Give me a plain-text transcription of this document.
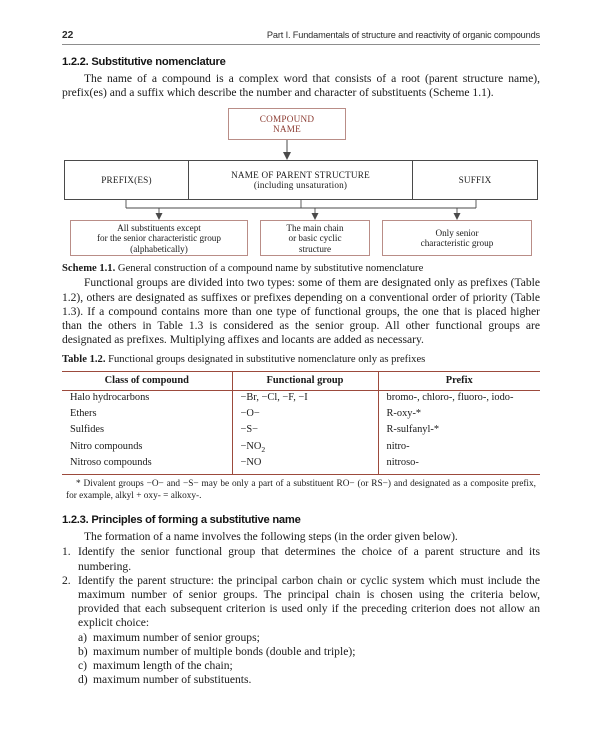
22	Part I. Fundamentals of structure and reactivity of organic compounds
1.2.2. Substitutive nomenclature

The name of a compound is a complex word that consists of a root (parent structure name), prefix(es) and a suffix which describe the number and character of substituents (Scheme 1.1).

COMPOUND
NAME
PREFIX(ES)
NAME OF PARENT STRUCTURE
(including unsaturation)
SUFFIX
All substituents except
for the senior characteristic group
(alphabetically)
The main chain
or basic cyclic
structure
Only senior
characteristic group

Scheme 1.1. General construction of a compound name by substitutive nomenclature

Functional groups are divided into two types: some of them are designated only as prefixes (Table 1.2), others are designated as suffixes or prefixes depending on a conventional order of priority (Table 1.3). If a compound contains more than one type of functional groups, the one that is placed higher than the others in Table 1.3 is considered as the senior group. All other functional groups are designated as prefixes. Multiplying affixes and locants are added as necessary.

Table 1.2. Functional groups designated in substitutive nomenclature only as prefixes

Class of compound	Functional group	Prefix
Halo hydrocarbons	−Br, −Cl, −F, −I	bromo-, chloro-, fluoro-, iodo-
Ethers	−O−	R-oxy-*
Sulfides	−S−	R-sulfanyl-*
Nitro compounds	$-NO_2$	nitro-
Nitroso compounds	−NO	nitroso-

* Divalent groups −O− and −S− may be only a part of a substituent RO− (or RS−) and designated as a composite prefix, for example, alkyl + oxy- = alkoxy-.

1.2.3. Principles of forming a substitutive name

The formation of a name involves the following steps (in the order given below).

1. Identify the senior functional group that determines the choice of a parent structure and its numbering.
2. Identify the parent structure: the principal carbon chain or cyclic system which must include the maximum number of senior groups. The principal chain is chosen using the criteria below, provided that each subsequent criterion is used only if the preceding criterion does not allow an explicit choice:
a) maximum number of senior groups;
b) maximum number of multiple bonds (double and triple);
c) maximum length of the chain;
d) maximum number of substituents.
